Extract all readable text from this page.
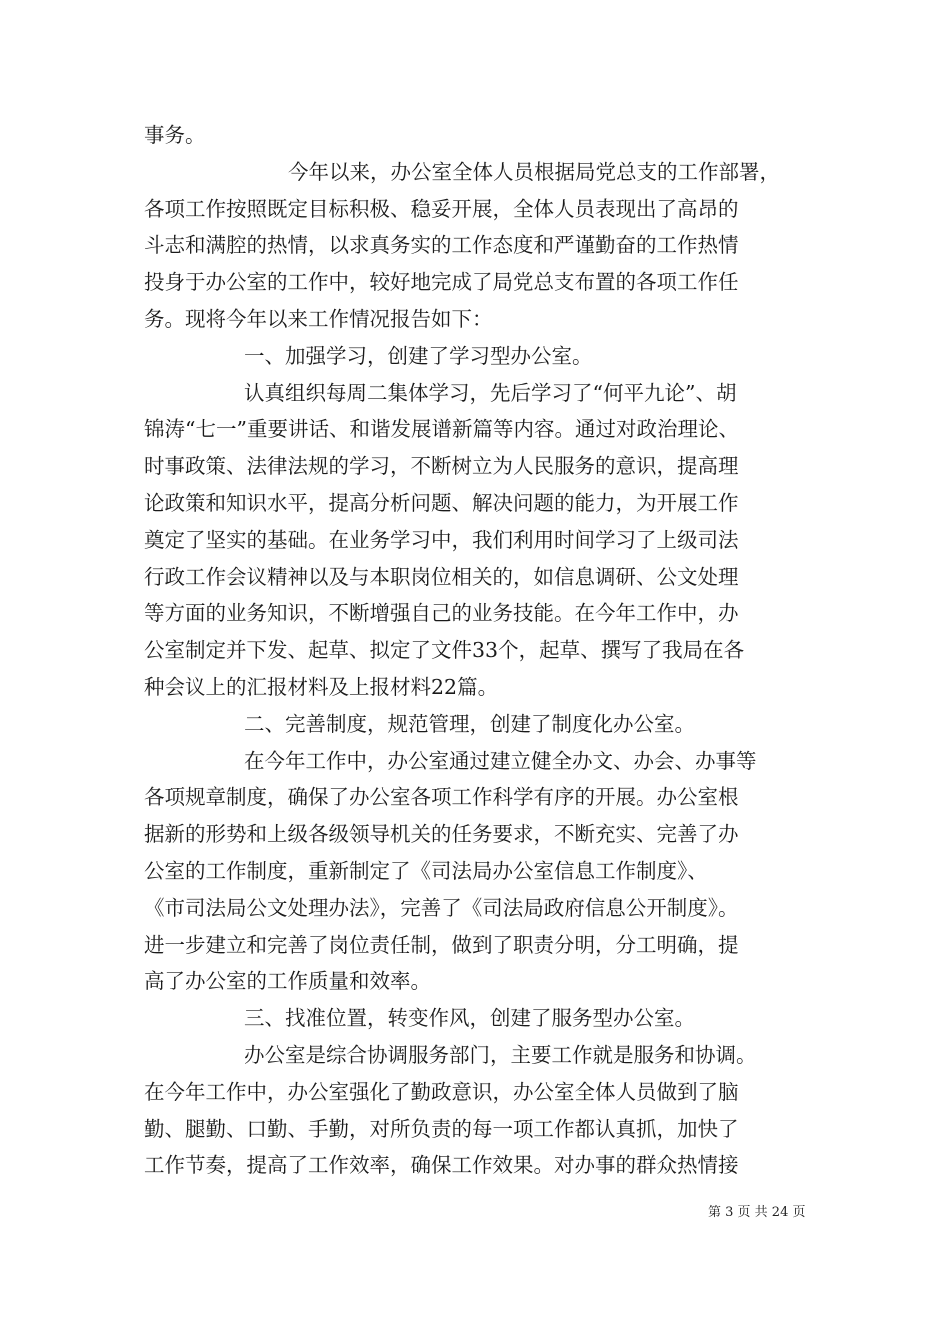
事务。
今年以来，办公室全体人员根据局党总支的工作部署，
各项工作按照既定目标积极、稳妥开展，全体人员表现出了高昂的
斗志和满腔的热情，以求真务实的工作态度和严谨勤奋的工作热情
投身于办公室的工作中，较好地完成了局党总支布置的各项工作任
务。现将今年以来工作情况报告如下：
一、加强学习，创建了学习型办公室。
认真组织每周二集体学习，先后学习了“何平九论”、胡
锦涛“七一”重要讲话、和谐发展谱新篇等内容。通过对政治理论、
时事政策、法律法规的学习，不断树立为人民服务的意识，提高理
论政策和知识水平，提高分析问题、解决问题的能力，为开展工作
奠定了坚实的基础。在业务学习中，我们利用时间学习了上级司法
行政工作会议精神以及与本职岗位相关的，如信息调研、公文处理
等方面的业务知识，不断增强自己的业务技能。在今年工作中，办
公室制定并下发、起草、拟定了文件33个，起草、撰写了我局在各
种会议上的汇报材料及上报材料22篇。
二、完善制度，规范管理，创建了制度化办公室。
在今年工作中，办公室通过建立健全办文、办会、办事等
各项规章制度，确保了办公室各项工作科学有序的开展。办公室根
据新的形势和上级各级领导机关的任务要求，不断充实、完善了办
公室的工作制度，重新制定了《司法局办公室信息工作制度》、
《市司法局公文处理办法》，完善了《司法局政府信息公开制度》。
进一步建立和完善了岗位责任制，做到了职责分明，分工明确，提
高了办公室的工作质量和效率。
三、找准位置，转变作风，创建了服务型办公室。
办公室是综合协调服务部门，主要工作就是服务和协调。
在今年工作中，办公室强化了勤政意识，办公室全体人员做到了脑
勤、腿勤、口勤、手勤，对所负责的每一项工作都认真抓，加快了
工作节奏，提高了工作效率，确保工作效果。对办事的群众热情接
第 3 页 共 24 页
